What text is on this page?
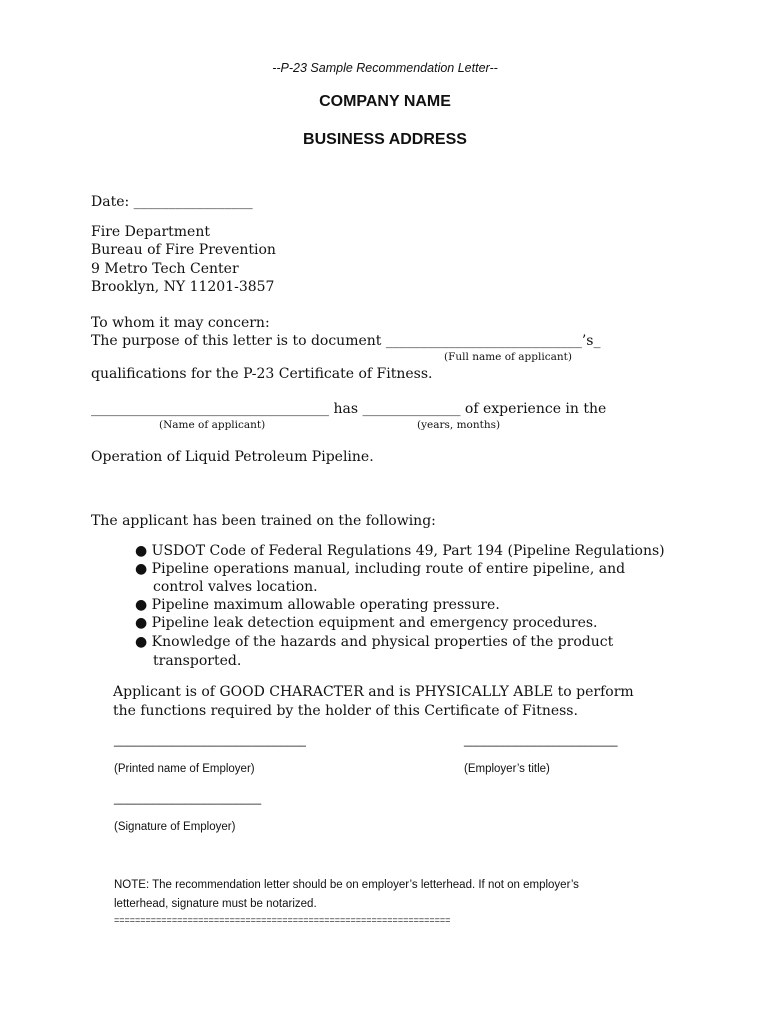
--P-23 Sample Recommendation Letter--
COMPANY NAME
BUSINESS ADDRESS
Date: _________________
Fire Department
Bureau of Fire Prevention
9 Metro Tech Center
Brooklyn, NY 11201-3857
To whom it may concern:
The purpose of this letter is to document ____________________________’s_
(Full name of applicant)
qualifications for the P-23 Certificate of Fitness.
__________________________________ has ______________ of experience in the
(Name of applicant)	(years, months)
Operation of Liquid Petroleum Pipeline.
The applicant has been trained on the following:
● USDOT Code of Federal Regulations 49, Part 194 (Pipeline Regulations)
● Pipeline operations manual, including route of entire pipeline, and
control valves location.
● Pipeline maximum allowable operating pressure.
● Pipeline leak detection equipment and emergency procedures.
● Knowledge of the hazards and physical properties of the product
transported.
Applicant is of GOOD CHARACTER and is PHYSICALLY ABLE to perform
the functions required by the holder of this Certificate of Fitness.
______________________________	________________________
(Printed name of Employer)	(Employer’s title)
_______________________
(Signature of Employer)
NOTE: The recommendation letter should be on employer’s letterhead. If not on employer’s
letterhead, signature must be notarized.
================================================================
